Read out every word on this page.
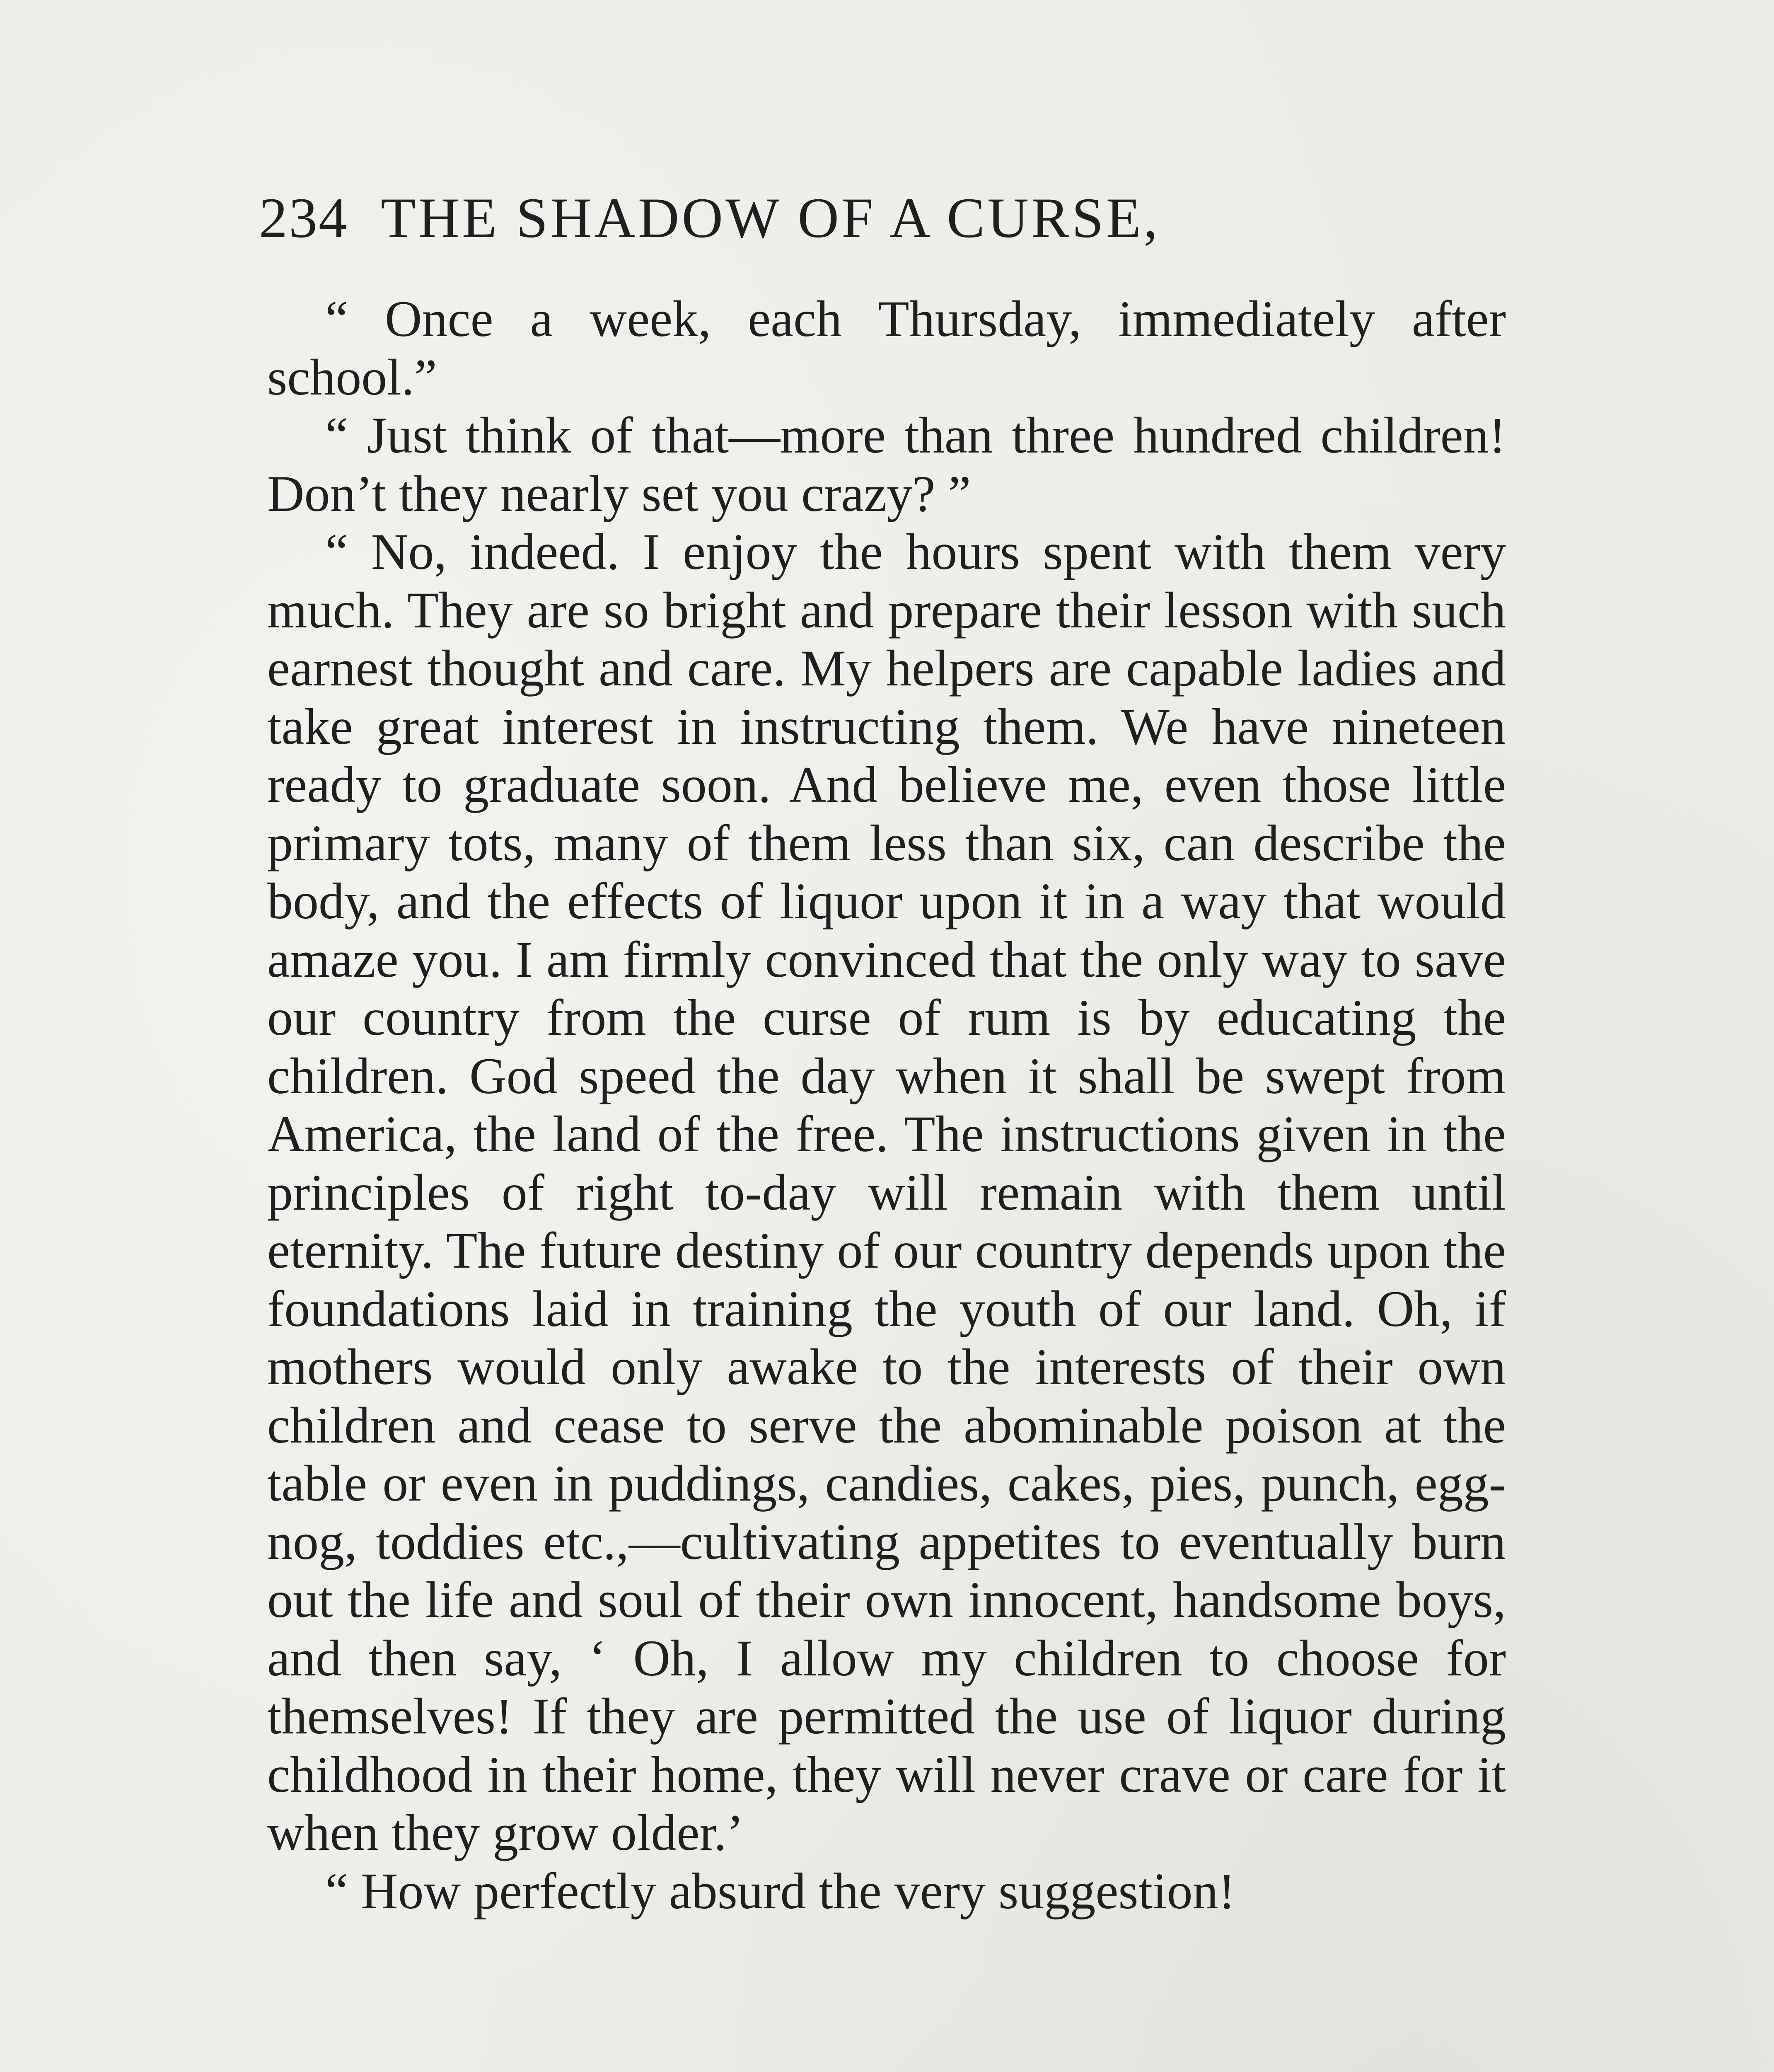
234 THE SHADOW OF A CURSE,

“ Once a week, each Thursday, immediately after school.”

“ Just think of that—more than three hundred children! Don’t they nearly set you crazy? ”

“ No, indeed. I enjoy the hours spent with them very much. They are so bright and prepare their lesson with such earnest thought and care. My helpers are capable ladies and take great interest in instructing them. We have nineteen ready to graduate soon. And believe me, even those little primary tots, many of them less than six, can describe the body, and the effects of liquor upon it in a way that would amaze you. I am firmly convinced that the only way to save our country from the curse of rum is by educating the children. God speed the day when it shall be swept from America, the land of the free. The instructions given in the principles of right to-day will remain with them until eternity. The future destiny of our country depends upon the foundations laid in training the youth of our land. Oh, if mothers would only awake to the interests of their own children and cease to serve the abominable poison at the table or even in puddings, candies, cakes, pies, punch, egg-nog, toddies etc.,—cultivating appetites to eventually burn out the life and soul of their own innocent, handsome boys, and then say, ‘ Oh, I allow my children to choose for themselves! If they are permitted the use of liquor during childhood in their home, they will never crave or care for it when they grow older.’

“ How perfectly absurd the very suggestion!
